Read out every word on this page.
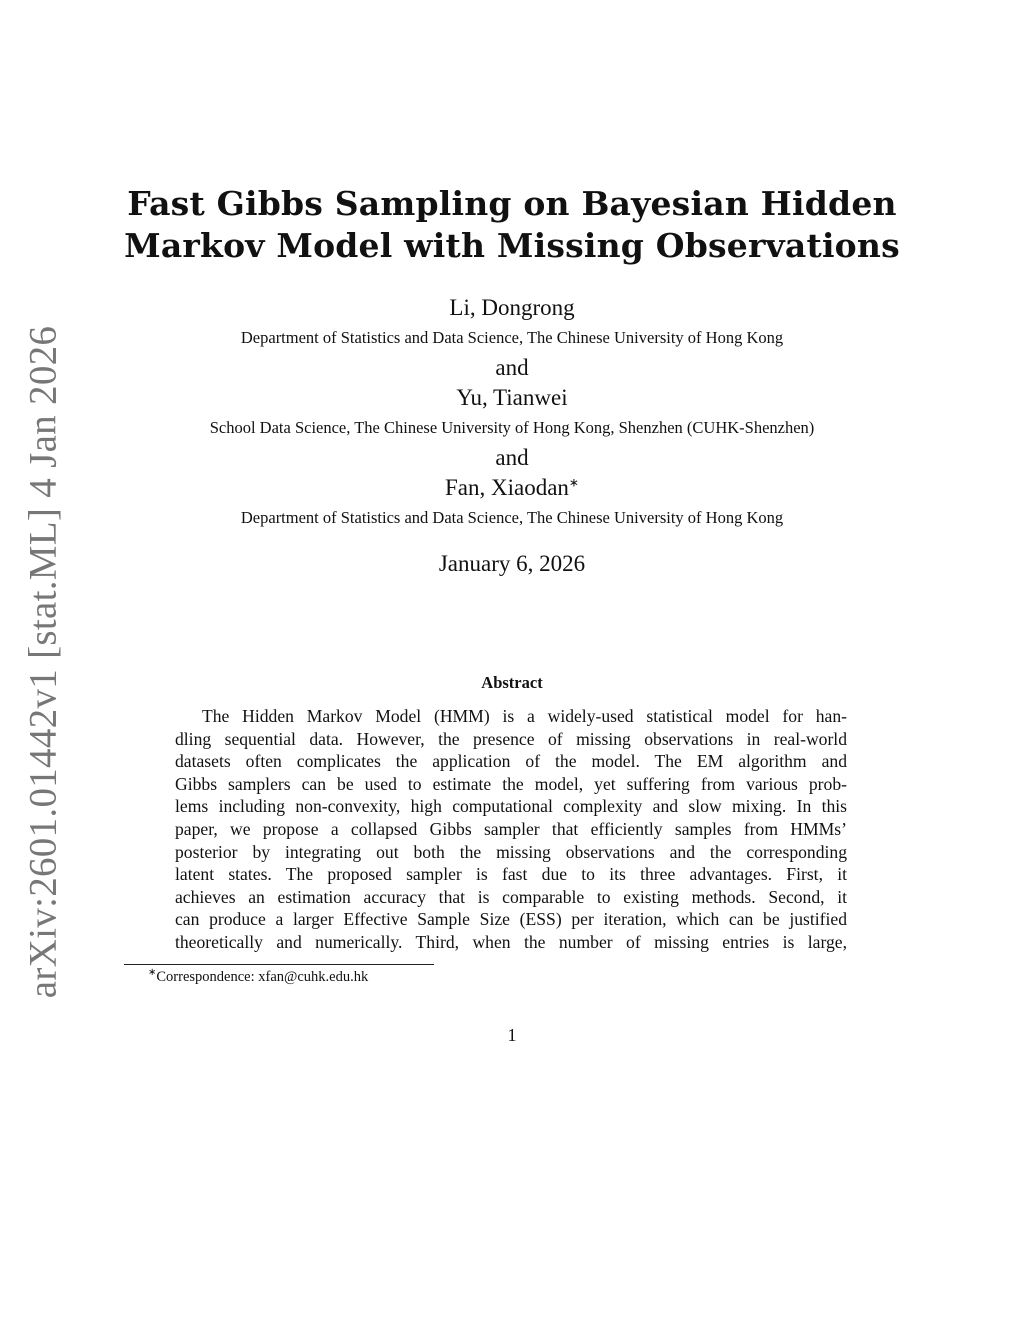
arXiv:2601.01442v1 [stat.ML] 4 Jan 2026
Fast Gibbs Sampling on Bayesian Hidden
Markov Model with Missing Observations
Li, Dongrong
Department of Statistics and Data Science, The Chinese University of Hong Kong
and
Yu, Tianwei
School Data Science, The Chinese University of Hong Kong, Shenzhen (CUHK-Shenzhen)
and
Fan, Xiaodan∗
Department of Statistics and Data Science, The Chinese University of Hong Kong
January 6, 2026
Abstract
The Hidden Markov Model (HMM) is a widely-used statistical model for han-
dling sequential data. However, the presence of missing observations in real-world
datasets often complicates the application of the model. The EM algorithm and
Gibbs samplers can be used to estimate the model, yet suffering from various prob-
lems including non-convexity, high computational complexity and slow mixing. In this
paper, we propose a collapsed Gibbs sampler that efficiently samples from HMMs’
posterior by integrating out both the missing observations and the corresponding
latent states. The proposed sampler is fast due to its three advantages. First, it
achieves an estimation accuracy that is comparable to existing methods. Second, it
can produce a larger Effective Sample Size (ESS) per iteration, which can be justified
theoretically and numerically. Third, when the number of missing entries is large,
∗Correspondence: xfan@cuhk.edu.hk
1
